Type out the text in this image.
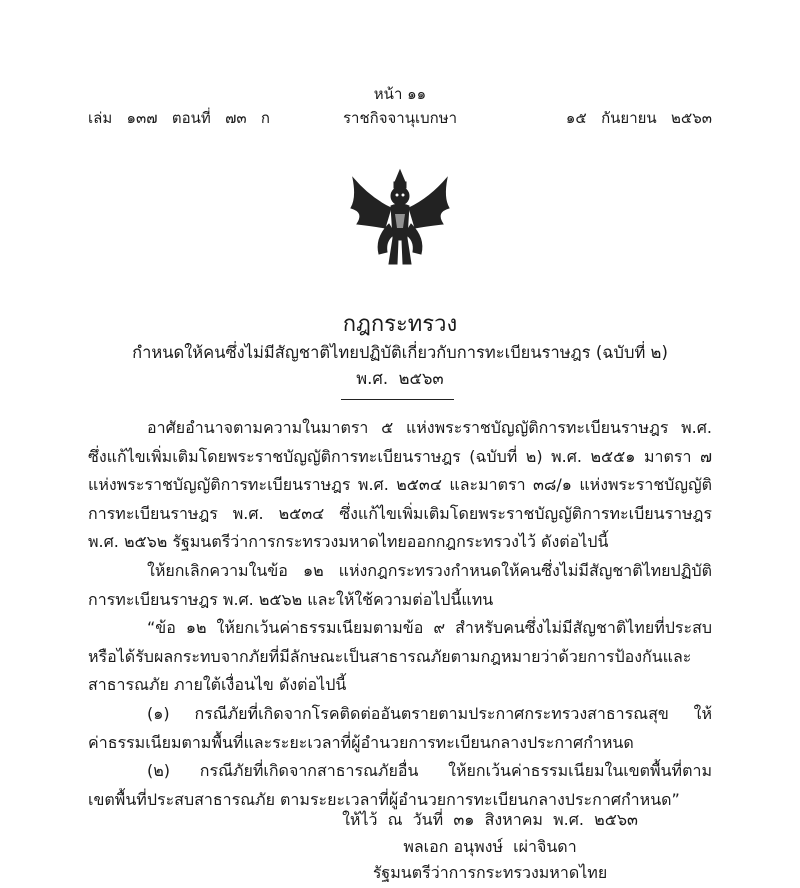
หน้า ๑๑
เล่ม   ๑๓๗   ตอนที่   ๗๓   ก	ราชกิจจานุเบกษา	๑๕   กันยายน   ๒๕๖๓
กฎกระทรวง
กำหนดให้คนซึ่งไม่มีสัญชาติไทยปฏิบัติเกี่ยวกับการทะเบียนราษฎร (ฉบับที่ ๒)
พ.ศ.  ๒๕๖๓
อาศัยอำนาจตามความในมาตรา ๕ แห่งพระราชบัญญัติการทะเบียนราษฎร พ.ศ.
ซึ่งแก้ไขเพิ่มเติมโดยพระราชบัญญัติการทะเบียนราษฎร (ฉบับที่ ๒) พ.ศ. ๒๕๕๑ มาตรา ๗
แห่งพระราชบัญญัติการทะเบียนราษฎร พ.ศ. ๒๕๓๔ และมาตรา ๓๘/๑ แห่งพระราชบัญญัติ
การทะเบียนราษฎร พ.ศ. ๒๕๓๔ ซึ่งแก้ไขเพิ่มเติมโดยพระราชบัญญัติการทะเบียนราษฎร
พ.ศ. ๒๕๖๒ รัฐมนตรีว่าการกระทรวงมหาดไทยออกกฎกระทรวงไว้ ดังต่อไปนี้
ให้ยกเลิกความในข้อ ๑๒ แห่งกฎกระทรวงกำหนดให้คนซึ่งไม่มีสัญชาติไทยปฏิบัติ
การทะเบียนราษฎร พ.ศ. ๒๕๖๒ และให้ใช้ความต่อไปนี้แทน
“ข้อ ๑๒ ให้ยกเว้นค่าธรรมเนียมตามข้อ ๙ สำหรับคนซึ่งไม่มีสัญชาติไทยที่ประสบ
หรือได้รับผลกระทบจากภัยที่มีลักษณะเป็นสาธารณภัยตามกฎหมายว่าด้วยการป้องกันและ
สาธารณภัย ภายใต้เงื่อนไข ดังต่อไปนี้
(๑) กรณีภัยที่เกิดจากโรคติดต่ออันตรายตามประกาศกระทรวงสาธารณสุข ให้
ค่าธรรมเนียมตามพื้นที่และระยะเวลาที่ผู้อำนวยการทะเบียนกลางประกาศกำหนด
(๒) กรณีภัยที่เกิดจากสาธารณภัยอื่น ให้ยกเว้นค่าธรรมเนียมในเขตพื้นที่ตาม
เขตพื้นที่ประสบสาธารณภัย ตามระยะเวลาที่ผู้อำนวยการทะเบียนกลางประกาศกำหนด”
ให้ไว้  ณ  วันที่  ๓๑  สิงหาคม  พ.ศ.  ๒๕๖๓
พลเอก อนุพงษ์  เผ่าจินดา
รัฐมนตรีว่าการกระทรวงมหาดไทย
